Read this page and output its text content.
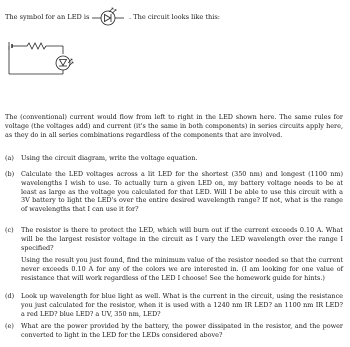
The symbol for an LED is	. The circuit looks like this:
The (conventional) current would flow from left to right in the LED shown here. The same rules for voltage (the voltages add) and current (it's the same in both components) in series circuits apply here, as they do in all series combinations regardless of the components that are involved.
(a)	Using the circuit diagram, write the voltage equation.
(b)	Calculate the LED voltages across a lit LED for the shortest (350 nm) and longest (1100 nm) wavelengths I wish to use. To actually turn a given LED on, my battery voltage needs to be at least as large as the voltage you calculated for that LED. Will I be able to use this circuit with a 3V battery to light the LED's over the entire desired wavelength range? If not, what is the range of wavelengths that I can use it for?
(c)	The resistor is there to protect the LED, which will burn out if the current exceeds 0.10 A. What will be the largest resistor voltage in the circuit as I vary the LED wavelength over the range I specified?
Using the result you just found, find the minimum value of the resistor needed so that the current never exceeds 0.10 A for any of the colors we are interested in. (I am looking for one value of resistance that will work regardless of the LED I choose! See the homework guide for hints.)
(d)	Look up wavelength for blue light as well. What is the current in the circuit, using the resistance you just calculated for the resistor, when it is used with a 1240 nm IR LED? an 1100 nm IR LED? a red LED? blue LED? a UV, 350 nm, LED?
(e)	What are the power provided by the battery, the power dissipated in the resistor, and the power converted to light in the LED for the LEDs considered above?
